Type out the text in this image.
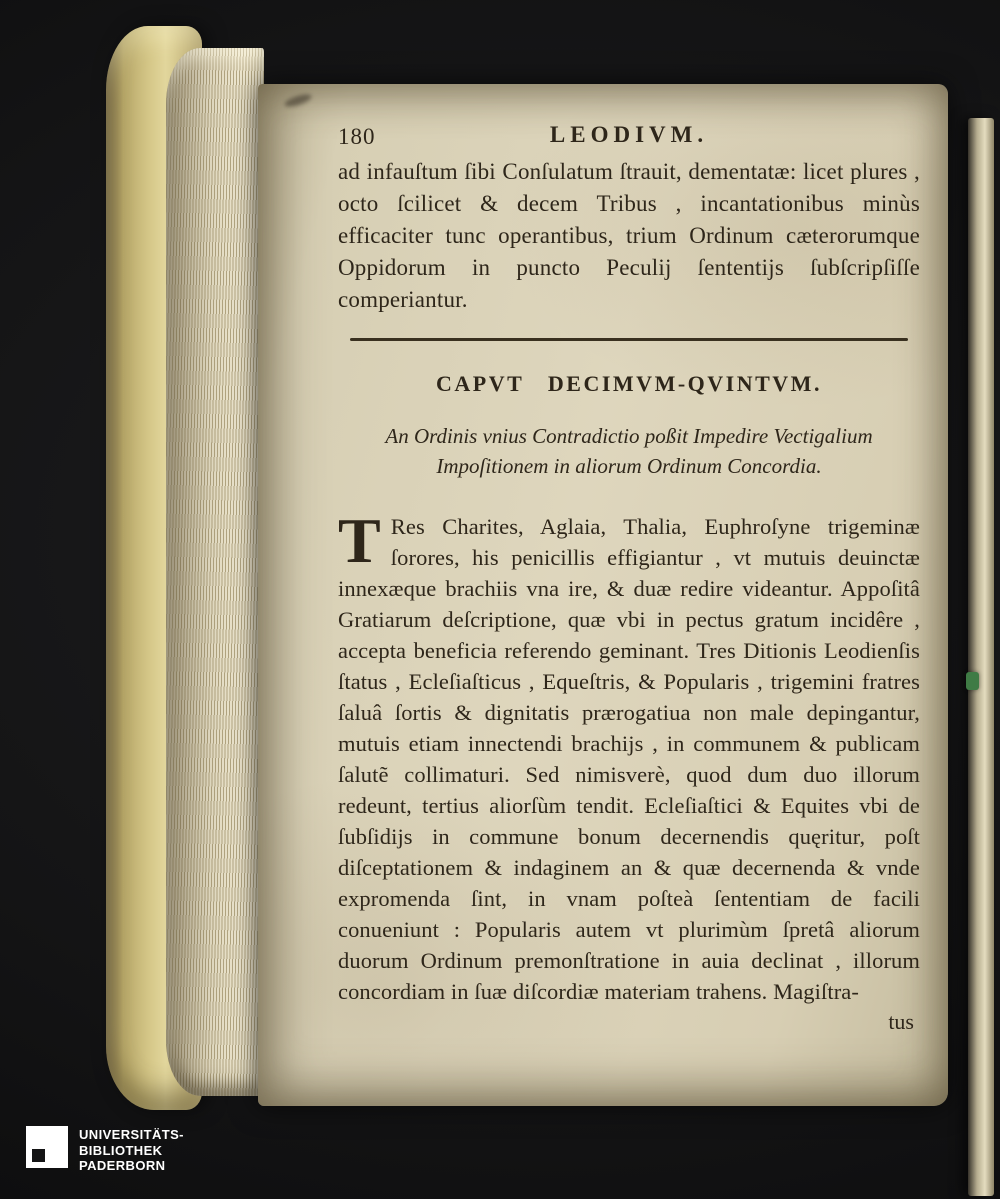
180	LEODIVM.

ad infauſtum ſibi Conſulatum ſtrauit, dementatæ: licet plures , octo ſcilicet & decem Tribus , incantationibus minùs efficaciter tunc operantibus, trium Ordinum cæterorumque Oppidorum in puncto Peculij ſententijs ſubſcripſiſſe comperiantur.

CAPVT DECIMVM-QVINTVM.

An Ordinis vnius Contradictio poßit Impedire Vectigalium Impoſitionem in aliorum Ordinum Concordia.

T Res Charites, Aglaia, Thalia, Euphroſyne trigeminæ ſorores, his penicillis effigiantur , vt mutuis deuinctæ innexæque brachiis vna ire, & duæ redire videantur. Appoſitâ Gratiarum deſcriptione, quæ vbi in pectus gratum incidêre , accepta beneficia referendo geminant. Tres Ditionis Leodienſis ſtatus , Ecleſiaſticus , Equeſtris, & Popularis , trigemini fratres ſaluâ ſortis & dignitatis prærogatiua non male depingantur, mutuis etiam innectendi brachijs , in communem & publicam ſalutẽ collimaturi. Sed nimisverè, quod dum duo illorum redeunt, tertius aliorſùm tendit. Ecleſiaſtici & Equites vbi de ſubſidijs in commune bonum decernendis quęritur, poſt diſceptationem & indaginem an & quæ decernenda & vnde expromenda ſint, in vnam poſteà ſententiam de facili conueniunt : Popularis autem vt plurimùm ſpretâ aliorum duorum Ordinum premonſtratione in auia declinat , illorum concordiam in ſuæ diſcordiæ materiam trahens. Magiſtra-

tus
UNIVERSITÄTS-
BIBLIOTHEK
PADERBORN
